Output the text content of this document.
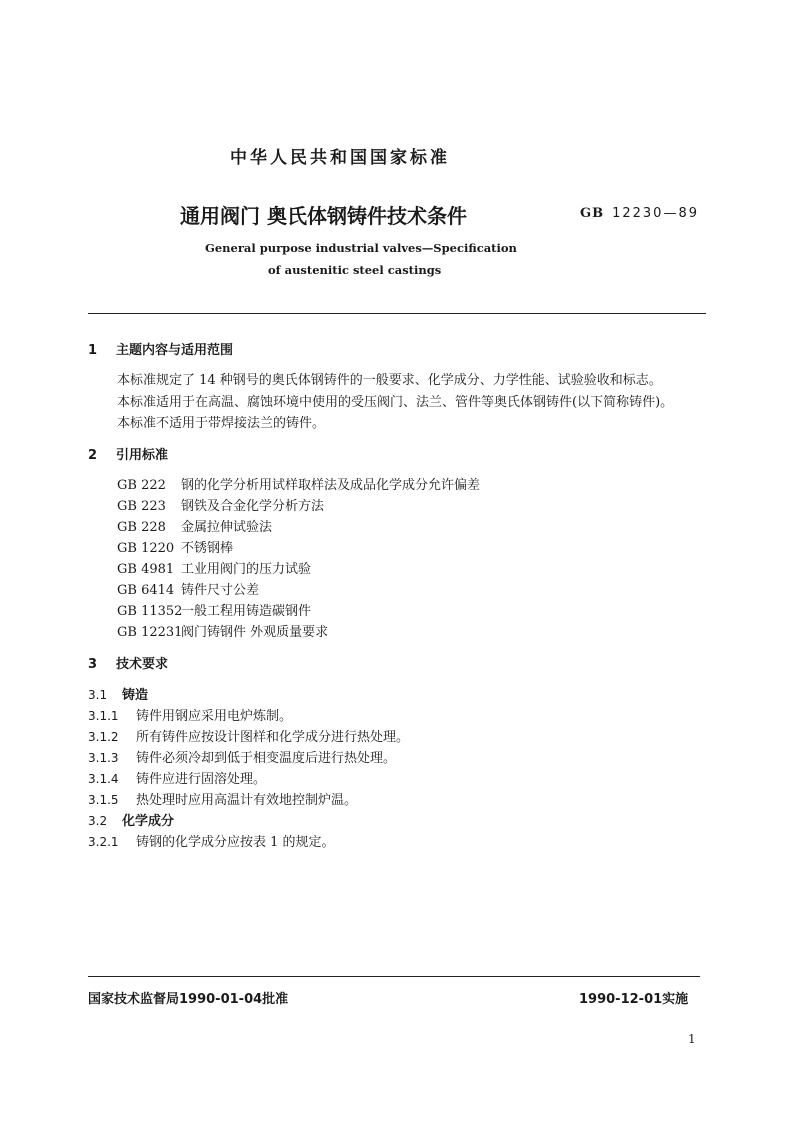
中华人民共和国国家标准
通用阀门 奥氏体钢铸件技术条件	GB 12230—89
General purpose industrial valves—Specification
of austenitic steel castings
1 主题内容与适用范围
本标准规定了 14 种钢号的奥氏体钢铸件的一般要求、化学成分、力学性能、试验验收和标志。
本标准适用于在高温、腐蚀环境中使用的受压阀门、法兰、管件等奥氏体钢铸件(以下简称铸件)。
本标准不适用于带焊接法兰的铸件。
2 引用标准
GB 222 钢的化学分析用试样取样法及成品化学成分允许偏差
GB 223 钢铁及合金化学分析方法
GB 228 金属拉伸试验法
GB 1220 不锈钢棒
GB 4981 工业用阀门的压力试验
GB 6414 铸件尺寸公差
GB 11352一般工程用铸造碳钢件
GB 12231阀门铸钢件 外观质量要求
3 技术要求
3.1 铸造
3.1.1 铸件用钢应采用电炉炼制。
3.1.2 所有铸件应按设计图样和化学成分进行热处理。
3.1.3 铸件必须冷却到低于相变温度后进行热处理。
3.1.4 铸件应进行固溶处理。
3.1.5 热处理时应用高温计有效地控制炉温。
3.2 化学成分
3.2.1 铸钢的化学成分应按表 1 的规定。
国家技术监督局1990-01-04批准	1990-12-01实施
1
